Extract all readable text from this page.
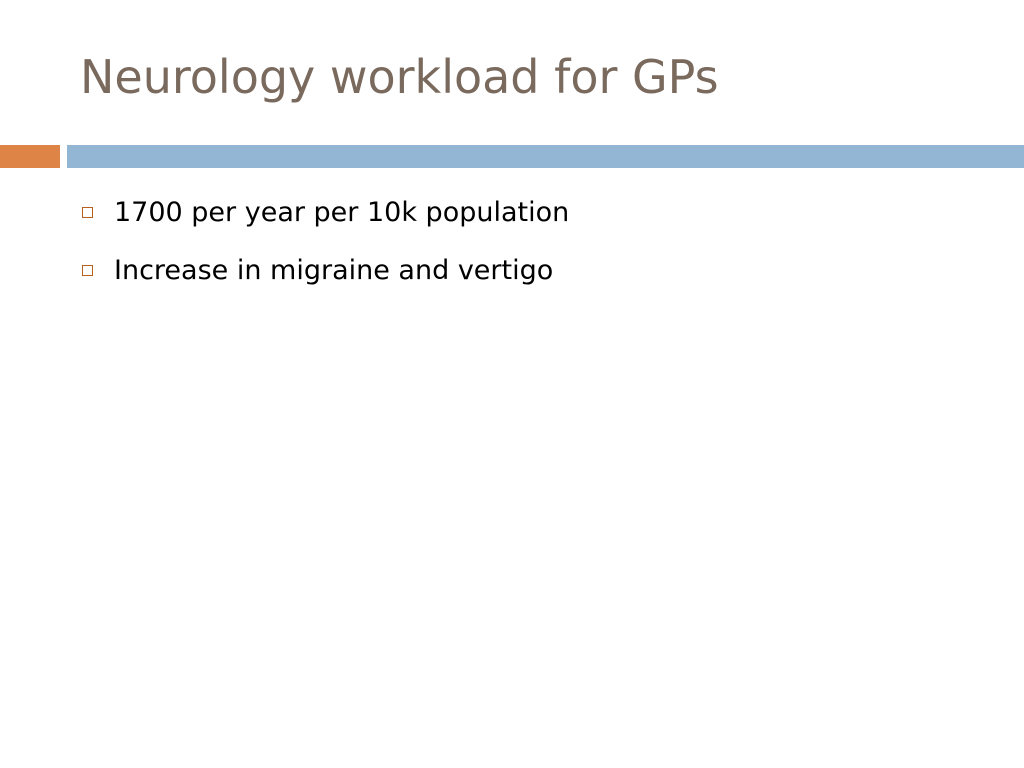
Neurology workload for GPs
1700 per year per 10k population
Increase in migraine and vertigo
